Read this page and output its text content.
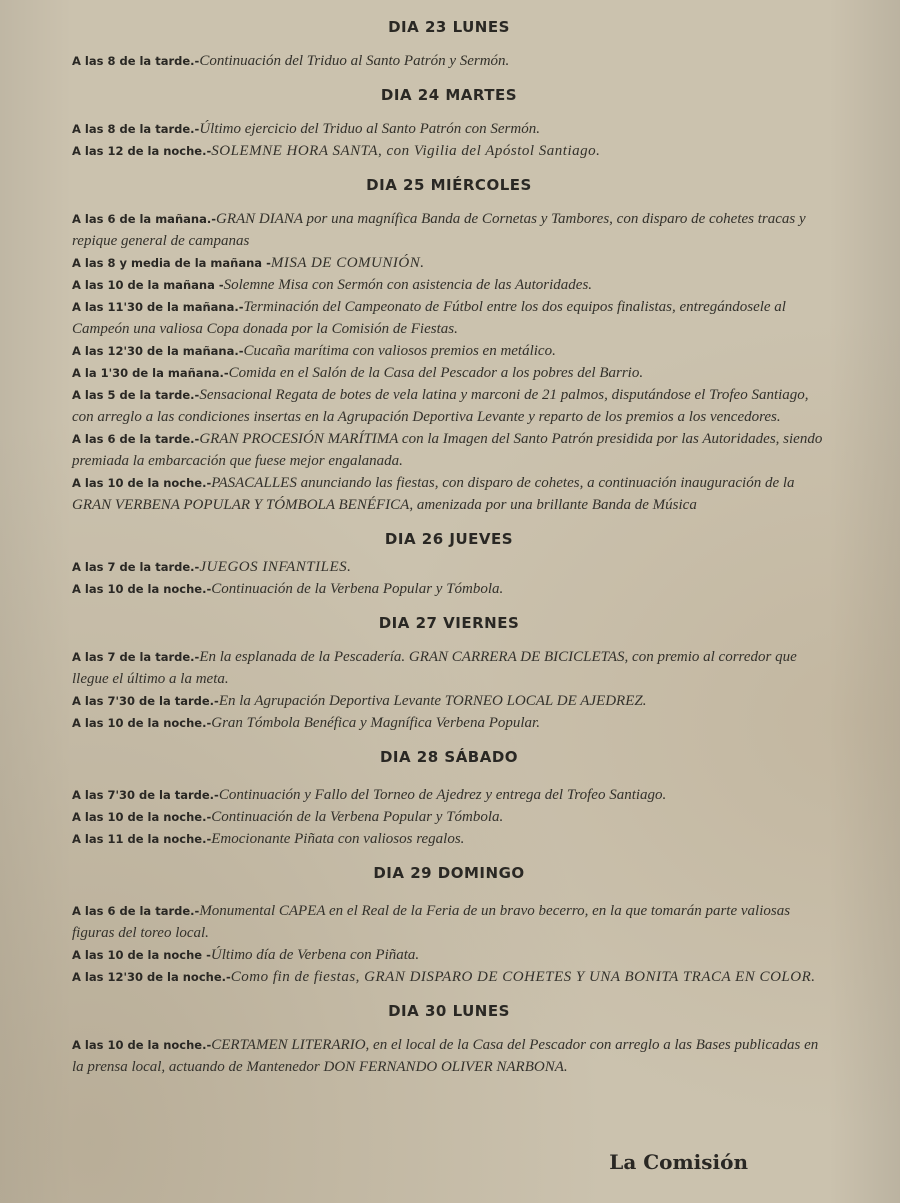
DIA 23 LUNES

A las 8 de la tarde.-Continuación del Triduo al Santo Patrón y Sermón.

DIA 24 MARTES

A las 8 de la tarde.-Último ejercicio del Triduo al Santo Patrón con Sermón.

A las 12 de la noche.-SOLEMNE HORA SANTA, con Vigilia del Apóstol Santiago.

DIA 25 MIÉRCOLES

A las 6 de la mañana.-GRAN DIANA por una magnífica Banda de Cornetas y Tambores, con disparo de cohetes tracas y repique general de campanas

A las 8 y media de la mañana -MISA DE COMUNIÓN.

A las 10 de la mañana -Solemne Misa con Sermón con asistencia de las Autoridades.

A las 11'30 de la mañana.-Terminación del Campeonato de Fútbol entre los dos equipos finalistas, entregándosele al Campeón una valiosa Copa donada por la Comisión de Fiestas.

A las 12'30 de la mañana.-Cucaña marítima con valiosos premios en metálico.

A la 1'30 de la mañana.-Comida en el Salón de la Casa del Pescador a los pobres del Barrio.

A las 5 de la tarde.-Sensacional Regata de botes de vela latina y marconi de 21 palmos, disputándose el Trofeo Santiago, con arreglo a las condiciones insertas en la Agrupación Deportiva Levante y reparto de los premios a los vencedores.

A las 6 de la tarde.-GRAN PROCESIÓN MARÍTIMA con la Imagen del Santo Patrón presidida por las Autoridades, siendo premiada la embarcación que fuese mejor engalanada.

A las 10 de la noche.-PASACALLES anunciando las fiestas, con disparo de cohetes, a continuación inauguración de la GRAN VERBENA POPULAR Y TÓMBOLA BENÉFICA, amenizada por una brillante Banda de Música

DIA 26 JUEVES

A las 7 de la tarde.-JUEGOS INFANTILES.

A las 10 de la noche.-Continuación de la Verbena Popular y Tómbola.

DIA 27 VIERNES

A las 7 de la tarde.-En la esplanada de la Pescadería. GRAN CARRERA DE BICICLETAS, con premio al corredor que llegue el último a la meta.

A las 7'30 de la tarde.-En la Agrupación Deportiva Levante TORNEO LOCAL DE AJEDREZ.

A las 10 de la noche.-Gran Tómbola Benéfica y Magnífica Verbena Popular.

DIA 28 SÁBADO

A las 7'30 de la tarde.-Continuación y Fallo del Torneo de Ajedrez y entrega del Trofeo Santiago.

A las 10 de la noche.-Continuación de la Verbena Popular y Tómbola.

A las 11 de la noche.-Emocionante Piñata con valiosos regalos.

DIA 29 DOMINGO

A las 6 de la tarde.-Monumental CAPEA en el Real de la Feria de un bravo becerro, en la que tomarán parte valiosas figuras del toreo local.

A las 10 de la noche -Último día de Verbena con Piñata.

A las 12'30 de la noche.-Como fin de fiestas, GRAN DISPARO DE COHETES Y UNA BONITA TRACA EN COLOR.

DIA 30 LUNES

A las 10 de la noche.-CERTAMEN LITERARIO, en el local de la Casa del Pescador con arreglo a las Bases publicadas en la prensa local, actuando de Mantenedor DON FERNANDO OLIVER NARBONA.

La Comisión
